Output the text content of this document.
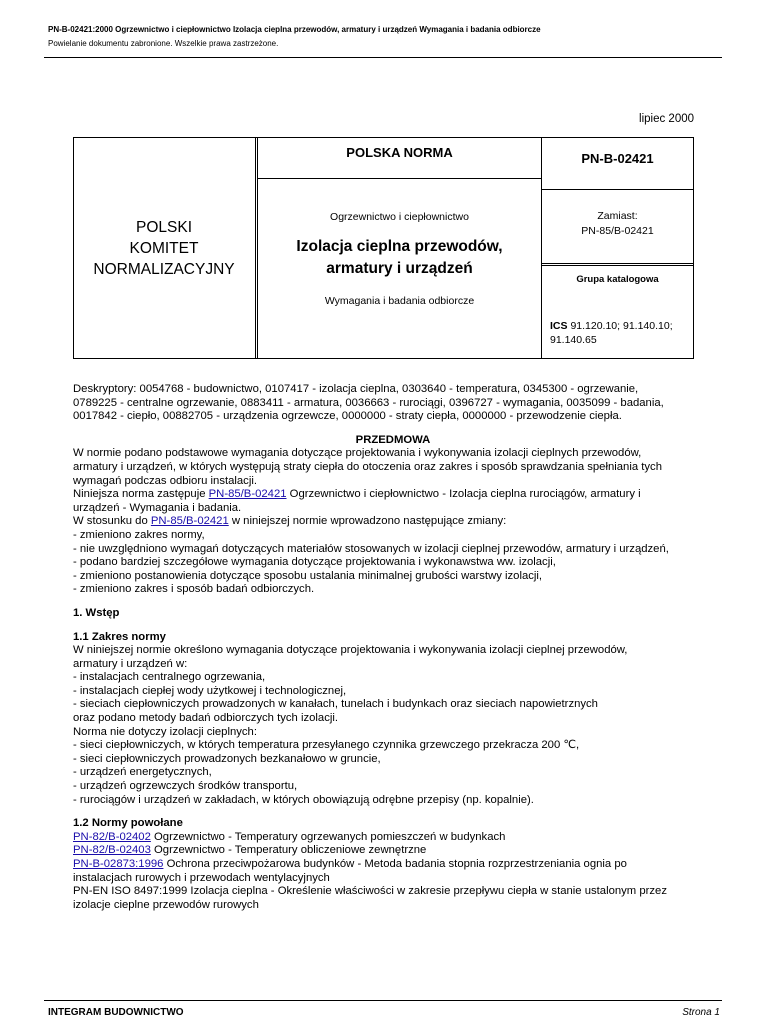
PN-B-02421:2000 Ogrzewnictwo i ciepłownictwo Izolacja cieplna przewodów, armatury i urządzeń Wymagania i badania odbiorcze
Powielanie dokumentu zabronione. Wszelkie prawa zastrzeżone.
lipiec 2000
POLSKI
KOMITET
NORMALIZACYJNY
POLSKA NORMA	PN-B-02421
Ogrzewnictwo i ciepłownictwo
Izolacja cieplna przewodów,
armatury i urządzeń
Wymagania i badania odbiorcze
Zamiast:
PN-85/B-02421
Grupa katalogowa
ICS 91.120.10; 91.140.10; 91.140.65

Deskryptory: 0054768 - budownictwo, 0107417 - izolacja cieplna, 0303640 - temperatura, 0345300 - ogrzewanie,

0789225 - centralne ogrzewanie, 0883411 - armatura, 0036663 - rurociągi, 0396727 - wymagania, 0035099 - badania,

0017842 - ciepło, 00882705 - urządzenia ogrzewcze, 0000000 - straty ciepła, 0000000 - przewodzenie ciepła.

PRZEDMOWA

W normie podano podstawowe wymagania dotyczące projektowania i wykonywania izolacji cieplnych przewodów,

armatury i urządzeń, w których występują straty ciepła do otoczenia oraz zakres i sposób sprawdzania spełniania tych

wymagań podczas odbioru instalacji.

Niniejsza norma zastępuje PN-85/B-02421 Ogrzewnictwo i ciepłownictwo - Izolacja cieplna rurociągów, armatury i

urządzeń - Wymagania i badania.

W stosunku do PN-85/B-02421 w niniejszej normie wprowadzono następujące zmiany:

- zmieniono zakres normy,

- nie uwzględniono wymagań dotyczących materiałów stosowanych w izolacji cieplnej przewodów, armatury i urządzeń,

- podano bardziej szczegółowe wymagania dotyczące projektowania i wykonawstwa ww. izolacji,

- zmieniono postanowienia dotyczące sposobu ustalania minimalnej grubości warstwy izolacji,

- zmieniono zakres i sposób badań odbiorczych.

1. Wstęp

1.1 Zakres normy

W niniejszej normie określono wymagania dotyczące projektowania i wykonywania izolacji cieplnej przewodów,

armatury i urządzeń w:

- instalacjach centralnego ogrzewania,

- instalacjach ciepłej wody użytkowej i technologicznej,

- sieciach ciepłowniczych prowadzonych w kanałach, tunelach i budynkach oraz sieciach napowietrznych

oraz podano metody badań odbiorczych tych izolacji.

Norma nie dotyczy izolacji cieplnych:

- sieci ciepłowniczych, w których temperatura przesyłanego czynnika grzewczego przekracza 200 ℃,

- sieci ciepłowniczych prowadzonych bezkanałowo w gruncie,

- urządzeń energetycznych,

- urządzeń ogrzewczych środków transportu,

- rurociągów i urządzeń w zakładach, w których obowiązują odrębne przepisy (np. kopalnie).

1.2 Normy powołane

PN-82/B-02402 Ogrzewnictwo - Temperatury ogrzewanych pomieszczeń w budynkach

PN-82/B-02403 Ogrzewnictwo - Temperatury obliczeniowe zewnętrzne

PN-B-02873:1996 Ochrona przeciwpożarowa budynków - Metoda badania stopnia rozprzestrzeniania ognia po

instalacjach rurowych i przewodach wentylacyjnych

PN-EN ISO 8497:1999 Izolacja cieplna - Określenie właściwości w zakresie przepływu ciepła w stanie ustalonym przez

izolacje cieplne przewodów rurowych

INTEGRAM BUDOWNICTWO	Strona 1
